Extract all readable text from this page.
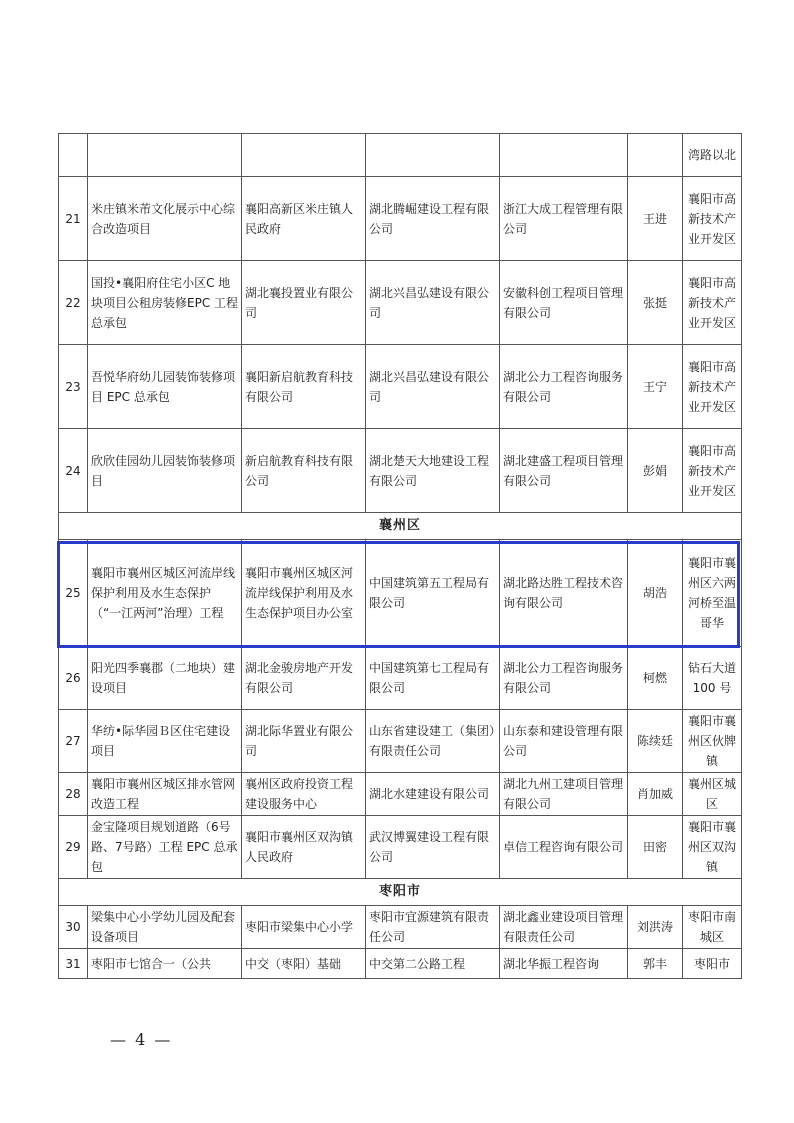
						湾路以北
21	米庄镇米芾文化展示中心综合改造项目	襄阳高新区米庄镇人民政府	湖北腾崛建设工程有限公司	浙江大成工程管理有限公司	王进	襄阳市高新技术产业开发区
22	国投•襄阳府住宅小区C 地块项目公租房装修EPC 工程总承包	湖北襄投置业有限公司	湖北兴昌弘建设有限公司	安徽科创工程项目管理有限公司	张挺	襄阳市高新技术产业开发区
23	吾悦华府幼儿园装饰装修项目 EPC 总承包	襄阳新启航教育科技有限公司	湖北兴昌弘建设有限公司	湖北公力工程咨询服务有限公司	王宁	襄阳市高新技术产业开发区
24	欣欣佳园幼儿园装饰装修项目	新启航教育科技有限公司	湖北楚天大地建设工程有限公司	湖北建盛工程项目管理有限公司	彭娟	襄阳市高新技术产业开发区
襄州区						
25	襄阳市襄州区城区河流岸线保护利用及水生态保护（“一江两河”治理）工程	襄阳市襄州区城区河流岸线保护利用及水生态保护项目办公室	中国建筑第五工程局有限公司	湖北路达胜工程技术咨询有限公司	胡浩	襄阳市襄州区六两河桥至温哥华
26	阳光四季襄郡（二地块）建设项目	湖北金骏房地产开发有限公司	中国建筑第七工程局有限公司	湖北公力工程咨询服务有限公司	柯燃	钻石大道 100 号
27	华纺•际华园Ｂ区住宅建设项目	湖北际华置业有限公司	山东省建设建工（集团）有限责任公司	山东泰和建设管理有限公司	陈续廷	襄阳市襄州区伙牌镇
28	襄阳市襄州区城区排水管网改造工程	襄州区政府投资工程建设服务中心	湖北水建建设有限公司	湖北九州工建项目管理有限公司	肖加威	襄州区城区
29	金宝隆项目规划道路（6号路、7号路）工程 EPC 总承包	襄阳市襄州区双沟镇人民政府	武汉博翼建设工程有限公司	卓信工程咨询有限公司	田密	襄阳市襄州区双沟镇
枣阳市						
30	梁集中心小学幼儿园及配套设备项目	枣阳市梁集中心小学	枣阳市宜源建筑有限责任公司	湖北鑫业建设项目管理有限责任公司	刘洪涛	枣阳市南城区
31	枣阳市七馆合一（公共	中交（枣阳）基础	中交第二公路工程	湖北华振工程咨询	郭丰	枣阳市
— 4 —
